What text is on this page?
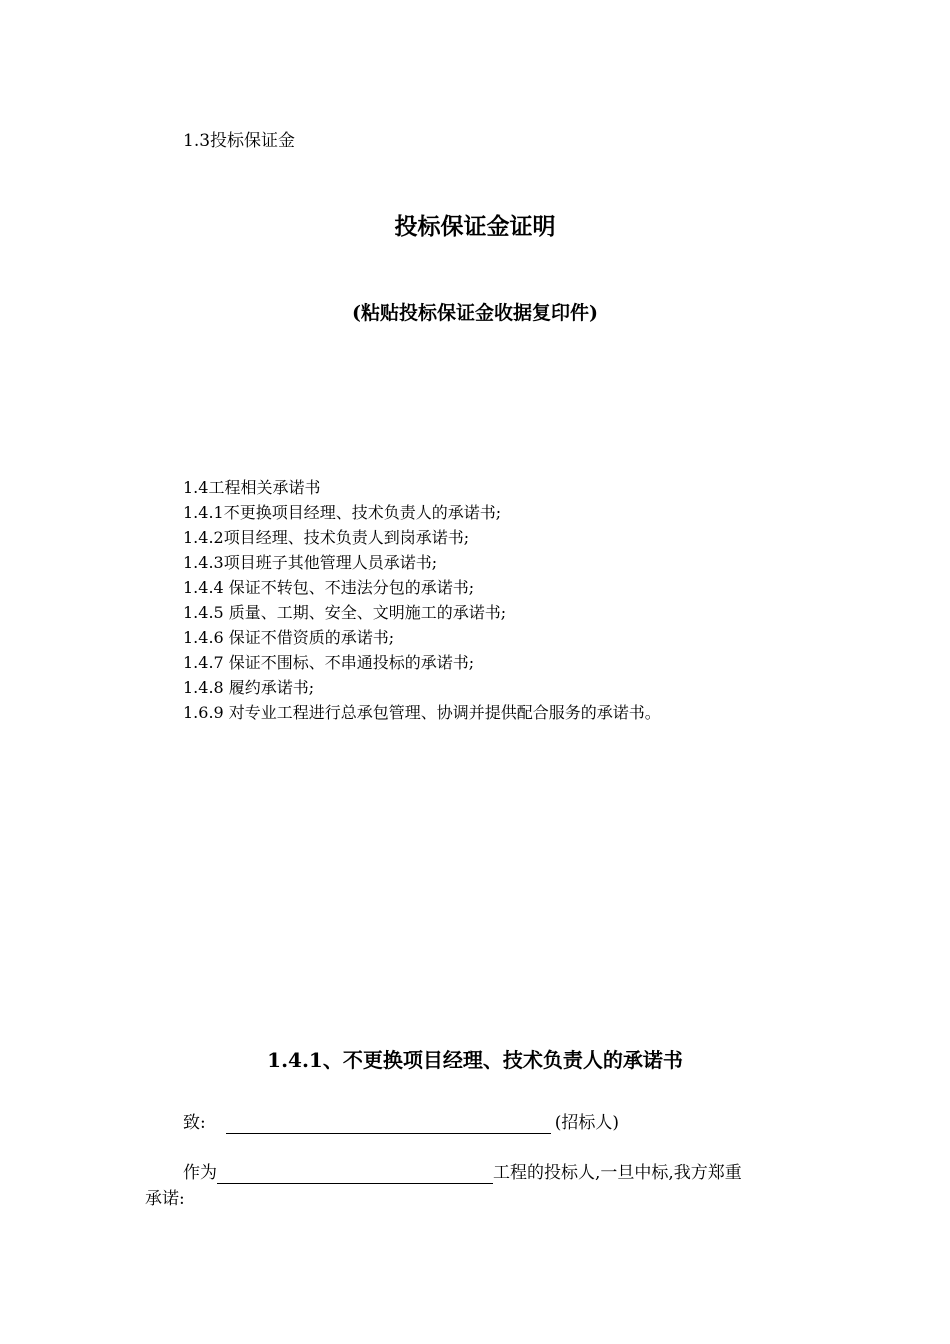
1.3投标保证金
投标保证金证明
(粘贴投标保证金收据复印件)
1.4工程相关承诺书
1.4.1不更换项目经理、技术负责人的承诺书;
1.4.2项目经理、技术负责人到岗承诺书;
1.4.3项目班子其他管理人员承诺书;
1.4.4 保证不转包、不违法分包的承诺书;
1.4.5 质量、工期、安全、文明施工的承诺书;
1.4.6 保证不借资质的承诺书;
1.4.7 保证不围标、不串通投标的承诺书;
1.4.8 履约承诺书;
1.6.9 对专业工程进行总承包管理、协调并提供配合服务的承诺书。
1.4.1、不更换项目经理、技术负责人的承诺书
致:	(招标人)
作为	工程的投标人,一旦中标,我方郑重
承诺:
